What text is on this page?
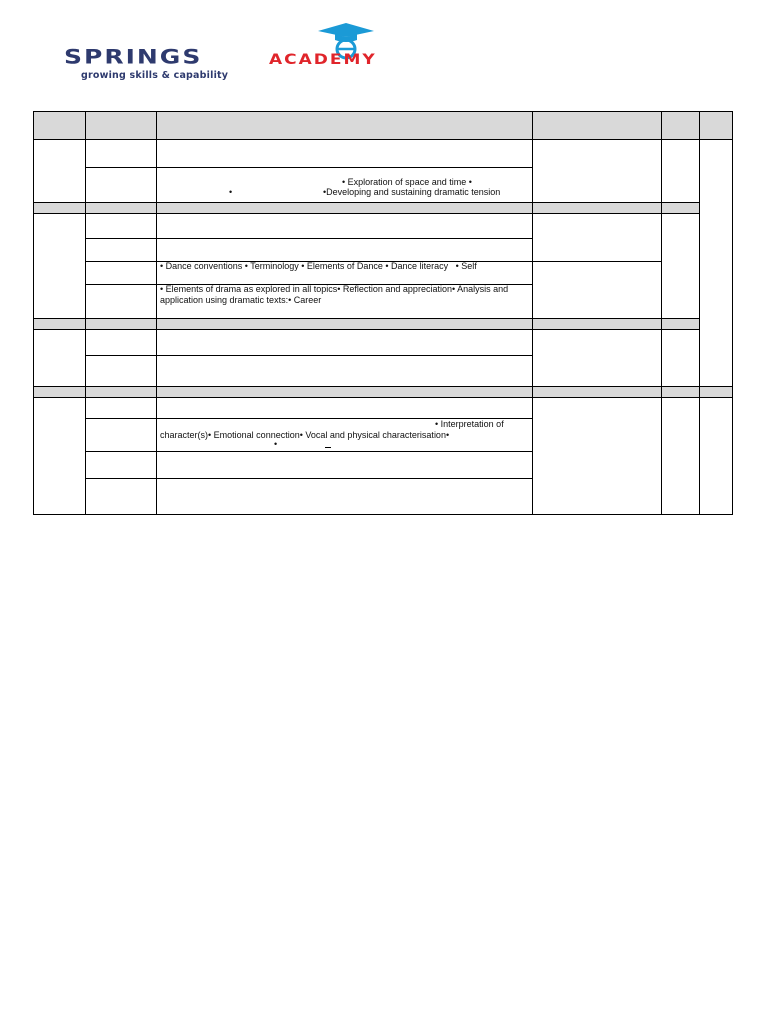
SPRINGS
growing skills & capability
ACADEMY
• Exploration of space and time •
•	•Developing and sustaining dramatic tension
• Dance conventions • Terminology • Elements of Dance • Dance literacy   • Self
• Elements of drama as explored in all topics• Reflection and appreciation• Analysis and
application using dramatic texts:• Career
• Interpretation of
character(s)• Emotional connection• Vocal and physical characterisation•
•
